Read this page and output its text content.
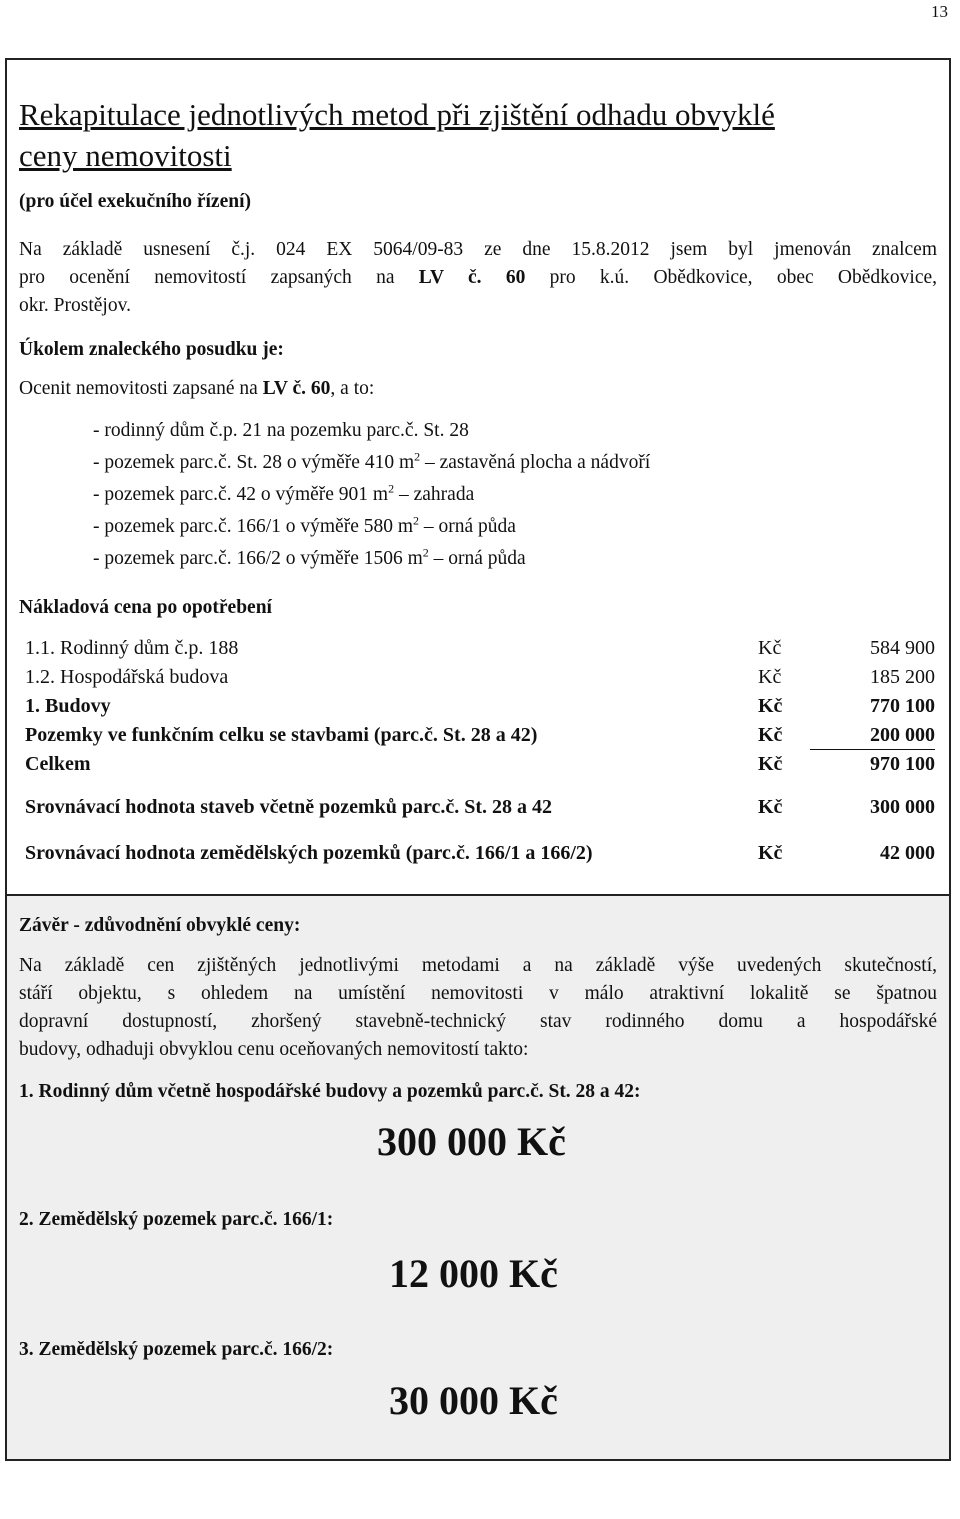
13
Rekapitulace jednotlivých metod při zjištění odhadu obvyklé
ceny nemovitosti
(pro účel exekučního řízení)
Na základě usnesení č.j. 024 EX 5064/09-83 ze dne 15.8.2012 jsem byl jmenován znalcem
pro ocenění nemovitostí zapsaných na LV č. 60 pro k.ú. Obědkovice, obec Obědkovice,
okr. Prostějov.
Úkolem znaleckého posudku je:
Ocenit nemovitosti zapsané na LV č. 60, a to:
- rodinný dům č.p. 21 na pozemku parc.č. St. 28
- pozemek parc.č. St. 28 o výměře 410 $m^2$ – zastavěná plocha a nádvoří
- pozemek parc.č. 42 o výměře 901 $m^2$ – zahrada
- pozemek parc.č. 166/1 o výměře 580 $m^2$ – orná půda
- pozemek parc.č. 166/2 o výměře 1506 $m^2$ – orná půda
Nákladová cena po opotřebení
1.1. Rodinný dům č.p. 188	Kč	584 900
1.2. Hospodářská budova	Kč	185 200
1. Budovy	Kč	770 100
Pozemky ve funkčním celku se stavbami (parc.č. St. 28 a 42)	Kč	200 000
Celkem	Kč	970 100
Srovnávací hodnota staveb včetně pozemků parc.č. St. 28 a 42	Kč	300 000
Srovnávací hodnota zemědělských pozemků (parc.č. 166/1 a 166/2)	Kč	42 000
Závěr - zdůvodnění obvyklé ceny:
Na základě cen zjištěných jednotlivými metodami a na základě výše uvedených skutečností,
stáří objektu, s ohledem na umístění nemovitosti v málo atraktivní lokalitě se špatnou
dopravní dostupností, zhoršený stavebně-technický stav rodinného domu a hospodářské
budovy, odhaduji obvyklou cenu oceňovaných nemovitostí takto:
1. Rodinný dům včetně hospodářské budovy a pozemků parc.č. St. 28 a 42:
300 000 Kč
2. Zemědělský pozemek parc.č. 166/1:
12 000 Kč
3. Zemědělský pozemek parc.č. 166/2:
30 000 Kč
